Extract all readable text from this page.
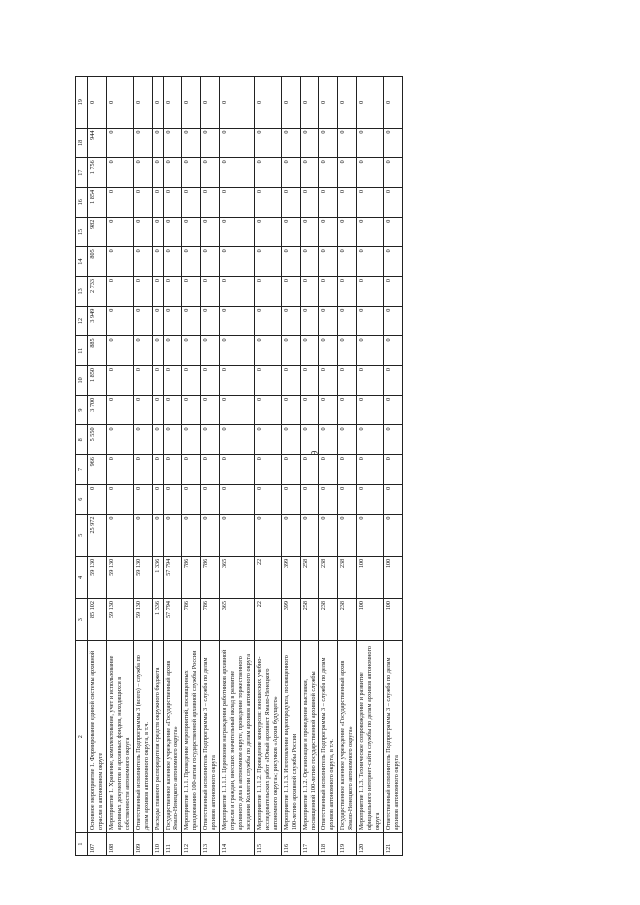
9
1	2	3	4	5	6	7	8	9	10	11	12	13	14	15	16	17	18	19
107	Основное мероприятие 1. Формирование единой системы архивной отрасли в автономном округе	85 102	59 130	25 972	0	966	5 550	3 700	1 850	885	3 949	2 733	805	982	1 854	1 756	944	0
108	Мероприятие 1. Хранение, комплектование, учет и использование архивных документов и архивных фондов, находящихся в собственности автономного округа	59 130	59 130	0	0	0	0	0	0	0	0	0	0	0	0	0	0	0
109	Ответственный исполнитель Подпрограммы 3 (всего) – служба по делам архивов автономного округа, в т.ч.	59 130	59 130	0	0	0	0	0	0	0	0	0	0	0	0	0	0	0
110	Расходы главного распорядителя средств окружного бюджета	1 336	1 336	0	0	0	0	0	0	0	0	0	0	0	0	0	0	0
111	Государственное казенное учреждение «Государственный архив Ямало-Ненецкого автономного округа»	57 794	57 794	0	0	0	0	0	0	0	0	0	0	0	0	0	0	0
112	Мероприятие 1.1.1. Проведение мероприятий, посвященных празднованию 100-летия государственной архивной службы России	786	786	0	0	0	0	0	0	0	0	0	0	0	0	0	0	0
113	Ответственный исполнитель Подпрограммы 3 – служба по делам архивов автономного округа	786	786	0	0	0	0	0	0	0	0	0	0	0	0	0	0	0
114	Мероприятие 1.1.1.1. Церемония награждения работников архивной отрасли и граждан, внесших значительный вклад в развитие архивного дела в автономном округе, проведение торжественного заседания Коллегии службы по делам архивов автономного округа	365	365	0	0	0	0	0	0	0	0	0	0	0	0	0	0	0
115	Мероприятие 1.1.1.2. Проведение конкурсов: юношеских учебно-исследовательских работ «Юный архивист Ямало-Ненецкого автономного округа»; рисунков «Архив будущего»	22	22	0	0	0	0	0	0	0	0	0	0	0	0	0	0	0
116	Мероприятие 1.1.1.3. Изготовление видеопродукта, посвященного 100-летию архивной службы России	399	399	0	0	0	0	0	0	0	0	0	0	0	0	0	0	0
117	Мероприятие 1.1.2. Организация и проведение выставки, посвященной 100-летию государственной архивной службы	258	258	0	0	0	0	0	0	0	0	0	0	0	0	0	0	0
118	Ответственный исполнитель Подпрограммы 3 – служба по делам архивов автономного округа, в т.ч.	238	238	0	0	0	0	0	0	0	0	0	0	0	0	0	0	0
119	Государственное казенное учреждение «Государственный архив Ямало-Ненецкого автономного округа»	238	238	0	0	0	0	0	0	0	0	0	0	0	0	0	0	0
120	Мероприятие 1.1.3. Техническое сопровождение и развитие официального интернет-сайта службы по делам архивов автономного округа	100	100	0	0	0	0	0	0	0	0	0	0	0	0	0	0	0
121	Ответственный исполнитель Подпрограммы 3 – служба по делам архивов автономного округа	100	100	0	0	0	0	0	0	0	0	0	0	0	0	0	0	0
